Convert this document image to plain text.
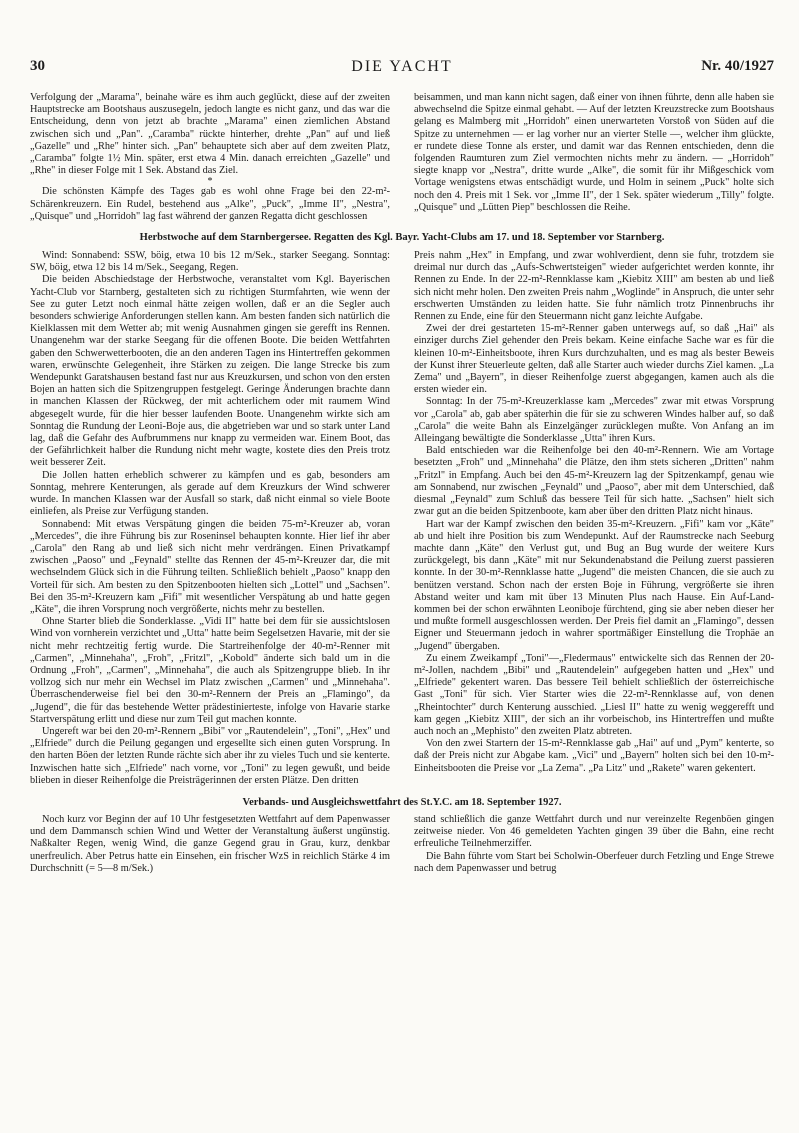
30	DIE YACHT	Nr. 40/1927

Verfolgung der „Marama", beinahe wäre es ihm auch geglückt, diese auf der zweiten Hauptstrecke am Bootshaus auszusegeln, jedoch langte es nicht ganz, und das war die Entscheidung, denn von jetzt ab brachte „Marama" einen ziemlichen Abstand zwischen sich und „Pan". „Caramba" rückte hinterher, drehte „Pan" auf und ließ „Gazelle" und „Rhe" hinter sich. „Pan" behauptete sich aber auf dem zweiten Platz, „Caramba" folgte 1½ Min. später, erst etwa 4 Min. danach erreichten „Gazelle" und „Rhe" in dieser Folge mit 1 Sek. Abstand das Ziel.

*

Die schönsten Kämpfe des Tages gab es wohl ohne Frage bei den 22-m²-Schärenkreuzern. Ein Rudel, bestehend aus „Alke", „Puck", „Imme II", „Nestra", „Quisque" und „Horridoh" lag fast während der ganzen Regatta dicht geschlossen

beisammen, und man kann nicht sagen, daß einer von ihnen führte, denn alle haben sie abwechselnd die Spitze einmal gehabt. — Auf der letzten Kreuzstrecke zum Bootshaus gelang es Malmberg mit „Horridoh" einen unerwarteten Vorstoß von Süden auf die Spitze zu unternehmen — er lag vorher nur an vierter Stelle —, welcher ihm glückte, er rundete diese Tonne als erster, und damit war das Rennen entschieden, denn die folgenden Raumturen zum Ziel vermochten nichts mehr zu ändern. — „Horridoh" siegte knapp vor „Nestra", dritte wurde „Alke", die somit für ihr Mißgeschick vom Vortage wenigstens etwas entschädigt wurde, und Holm in seinem „Puck" holte sich noch den 4. Preis mit 1 Sek. vor „Imme II", der 1 Sek. später wiederum „Tilly" folgte. „Quisque" und „Lütten Piep" beschlossen die Reihe.

Herbstwoche auf dem Starnbergersee. Regatten des Kgl. Bayr. Yacht-Clubs am 17. und 18. September vor Starnberg.

Wind: Sonnabend: SSW, böig, etwa 10 bis 12 m/Sek., starker Seegang. Sonntag: SW, böig, etwa 12 bis 14 m/Sek., Seegang, Regen.

Die beiden Abschiedstage der Herbstwoche, veranstaltet vom Kgl. Bayerischen Yacht-Club vor Starnberg, gestalteten sich zu richtigen Sturmfahrten, wie wenn der See zu guter Letzt noch einmal hätte zeigen wollen, daß er an die Segler auch besonders schwierige Anforderungen stellen kann. Am besten fanden sich natürlich die Kielklassen mit dem Wetter ab; mit wenig Ausnahmen gingen sie gerefft ins Rennen. Unangenehm war der starke Seegang für die offenen Boote. Die beiden Wettfahrten gaben den Schwerwetterbooten, die an den anderen Tagen ins Hintertreffen gekommen waren, erwünschte Gelegenheit, ihre Stärken zu zeigen. Die lange Strecke bis zum Wendepunkt Garatshausen bestand fast nur aus Kreuzkursen, und schon von den ersten Bojen an hatten sich die Spitzengruppen festgelegt. Geringe Änderungen brachte dann in manchen Klassen der Rückweg, der mit achterlichem oder mit raumem Wind abgesegelt wurde, für die hier besser laufenden Boote. Unangenehm wirkte sich am Sonntag die Rundung der Leoni-Boje aus, die abgetrieben war und so stark unter Land lag, daß die Gefahr des Aufbrummens nur knapp zu vermeiden war. Einem Boot, das der Gefährlichkeit halber die Rundung nicht mehr wagte, kostete dies den Preis trotz weit besserer Zeit.

Die Jollen hatten erheblich schwerer zu kämpfen und es gab, besonders am Sonntag, mehrere Kenterungen, als gerade auf dem Kreuzkurs der Wind schwerer wurde. In manchen Klassen war der Ausfall so stark, daß nicht einmal so viele Boote einliefen, als Preise zur Verfügung standen.

Sonnabend: Mit etwas Verspätung gingen die beiden 75-m²-Kreuzer ab, voran „Mercedes", die ihre Führung bis zur Roseninsel behaupten konnte. Hier lief ihr aber „Carola" den Rang ab und ließ sich nicht mehr verdrängen. Einen Privatkampf zwischen „Paoso" und „Feynald" stellte das Rennen der 45-m²-Kreuzer dar, die mit wechselndem Glück sich in die Führung teilten. Schließlich behielt „Paoso" knapp den Vorteil für sich. Am besten zu den Spitzenbooten hielten sich „Lottel" und „Sachsen". Bei den 35-m²-Kreuzern kam „Fifi" mit wesentlicher Verspätung ab und hatte gegen „Käte", die ihren Vorsprung noch vergrößerte, nichts mehr zu bestellen.

Ohne Starter blieb die Sonderklasse. „Vidi II" hatte bei dem für sie aussichtslosen Wind von vornherein verzichtet und „Utta" hatte beim Segelsetzen Havarie, mit der sie nicht mehr rechtzeitig fertig wurde. Die Startreihenfolge der 40-m²-Renner mit „Carmen", „Minnehaha", „Froh", „Fritzl", „Kobold" änderte sich bald um in die Ordnung „Froh", „Carmen", „Minnehaha", die auch als Spitzengruppe blieb. In ihr vollzog sich nur mehr ein Wechsel im Platz zwischen „Carmen" und „Minnehaha". Überraschenderweise fiel bei den 30-m²-Rennern der Preis an „Flamingo", da „Jugend", die für das bestehende Wetter prädestinierteste, infolge von Havarie starke Startverspätung erlitt und diese nur zum Teil gut machen konnte.

Ungereft war bei den 20-m²-Rennern „Bibi" vor „Rautendelein", „Toni", „Hex" und „Elfriede" durch die Peilung gegangen und ergesellte sich einen guten Vorsprung. In den harten Böen der letzten Runde rächte sich aber ihr zu vieles Tuch und sie kenterte. Inzwischen hatte sich „Elfriede" nach vorne, vor „Toni" zu legen gewußt, und beide blieben in dieser Reihenfolge die Preisträgerinnen der ersten Plätze. Den dritten

Preis nahm „Hex" in Empfang, und zwar wohlverdient, denn sie fuhr, trotzdem sie dreimal nur durch das „Aufs-Schwertsteigen" wieder aufgerichtet werden konnte, ihr Rennen zu Ende. In der 22-m²-Rennklasse kam „Kiebitz XIII" am besten ab und ließ sich nicht mehr holen. Den zweiten Preis nahm „Woglinde" in Anspruch, die unter sehr erschwerten Umständen zu leiden hatte. Sie fuhr nämlich trotz Pinnenbruchs ihr Rennen zu Ende, eine für den Steuermann nicht ganz leichte Aufgabe.

Zwei der drei gestarteten 15-m²-Renner gaben unterwegs auf, so daß „Hai" als einziger durchs Ziel gehender den Preis bekam. Keine einfache Sache war es für die kleinen 10-m²-Einheitsboote, ihren Kurs durchzuhalten, und es mag als bester Beweis der Kunst ihrer Steuerleute gelten, daß alle Starter auch wieder durchs Ziel kamen. „La Zema" und „Bayern", in dieser Reihenfolge zuerst abgegangen, kamen auch als die ersten wieder ein.

Sonntag: In der 75-m²-Kreuzerklasse kam „Mercedes" zwar mit etwas Vorsprung vor „Carola" ab, gab aber späterhin die für sie zu schweren Windes halber auf, so daß „Carola" die weite Bahn als Einzelgänger zurücklegen mußte. Von Anfang an im Alleingang bewältigte die Sonderklasse „Utta" ihren Kurs.

Bald entschieden war die Reihenfolge bei den 40-m²-Rennern. Wie am Vortage besetzten „Froh" und „Minnehaha" die Plätze, den ihm stets sicheren „Dritten" nahm „Fritzl" in Empfang. Auch bei den 45-m²-Kreuzern lag der Spitzenkampf, genau wie am Sonnabend, nur zwischen „Feynald" und „Paoso", aber mit dem Unterschied, daß diesmal „Feynald" zum Schluß das bessere Teil für sich hatte. „Sachsen" hielt sich zwar gut an die beiden Spitzenboote, kam aber über den dritten Platz nicht hinaus.

Hart war der Kampf zwischen den beiden 35-m²-Kreuzern. „Fifi" kam vor „Käte" ab und hielt ihre Position bis zum Wendepunkt. Auf der Raumstrecke nach Seeburg machte dann „Käte" den Verlust gut, und Bug an Bug wurde der weitere Kurs zurückgelegt, bis dann „Käte" mit nur Sekundenabstand die Peilung zuerst passieren konnte. In der 30-m²-Rennklasse hatte „Jugend" die meisten Chancen, die sie auch zu benützen verstand. Schon nach der ersten Boje in Führung, vergrößerte sie ihren Abstand weiter und kam mit über 13 Minuten Plus nach Hause. Ein Auf-Land-kommen bei der schon erwähnten Leoniboje fürchtend, ging sie aber neben dieser her und mußte formell ausgeschlossen werden. Der Preis fiel damit an „Flamingo", dessen Eigner und Steuermann jedoch in wahrer sportmäßiger Einstellung die Trophäe an „Jugend" übergaben.

Zu einem Zweikampf „Toni"—„Fledermaus" entwickelte sich das Rennen der 20-m²-Jollen, nachdem „Bibi" und „Rautendelein" aufgegeben hatten und „Hex" und „Elfriede" gekentert waren. Das bessere Teil behielt schließlich der österreichische Gast „Toni" für sich. Vier Starter wies die 22-m²-Rennklasse auf, von denen „Rheintochter" durch Kenterung ausschied. „Liesl II" hatte zu wenig weggerefft und kam gegen „Kiebitz XIII", der sich an ihr vorbeischob, ins Hintertreffen und mußte auch noch an „Mephisto" den zweiten Platz abtreten.

Von den zwei Startern der 15-m²-Rennklasse gab „Hai" auf und „Pym" kenterte, so daß der Preis nicht zur Abgabe kam. „Vici" und „Bayern" holten sich bei den 10-m²-Einheitsbooten die Preise vor „La Zema". „Pa Litz" und „Rakete" waren gekentert.

Verbands- und Ausgleichswettfahrt des St.Y.C. am 18. September 1927.

Noch kurz vor Beginn der auf 10 Uhr festgesetzten Wettfahrt auf dem Papenwasser und dem Dammansch schien Wind und Wetter der Veranstaltung äußerst ungünstig. Naßkalter Regen, wenig Wind, die ganze Gegend grau in Grau, kurz, denkbar unerfreulich. Aber Petrus hatte ein Einsehen, ein frischer WzS in reichlich Stärke 4 im Durchschnitt (= 5—8 m/Sek.)

stand schließlich die ganze Wettfahrt durch und nur vereinzelte Regenböen gingen zeitweise nieder. Von 46 gemeldeten Yachten gingen 39 über die Bahn, eine recht erfreuliche Teilnehmerziffer.

Die Bahn führte vom Start bei Scholwin-Oberfeuer durch Fetzling und Enge Strewe nach dem Papenwasser und betrug
